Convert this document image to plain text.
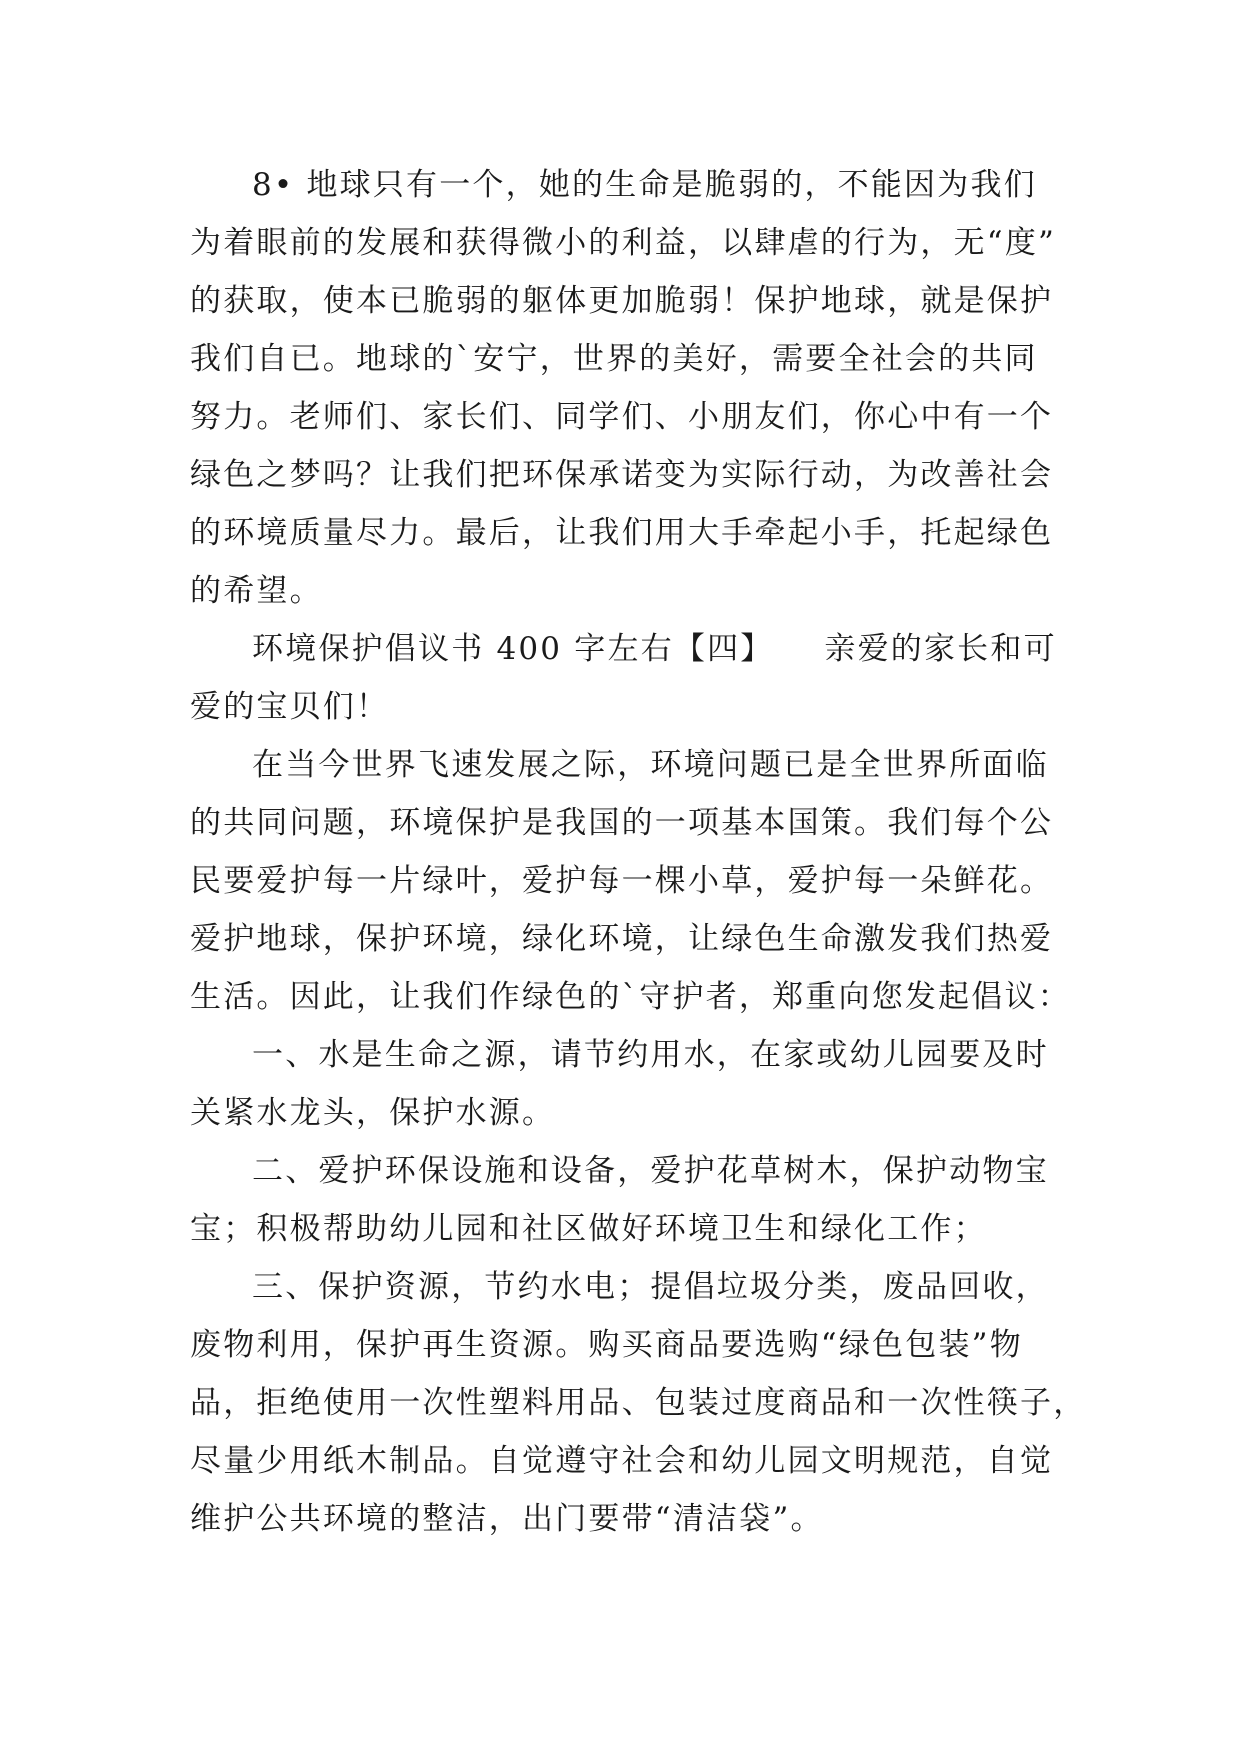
8• 地球只有一个，她的生命是脆弱的，不能因为我们
为着眼前的发展和获得微小的利益，以肆虐的行为，无“度”
的获取，使本已脆弱的躯体更加脆弱！保护地球，就是保护
我们自已。地球的`安宁，世界的美好，需要全社会的共同
努力。老师们、家长们、同学们、小朋友们，你心中有一个
绿色之梦吗？让我们把环保承诺变为实际行动，为改善社会
的环境质量尽力。最后，让我们用大手牵起小手，托起绿色
的希望。
环境保护倡议书 400 字左右【四】　　亲爱的家长和可
爱的宝贝们！
在当今世界飞速发展之际，环境问题已是全世界所面临
的共同问题，环境保护是我国的一项基本国策。我们每个公
民要爱护每一片绿叶，爱护每一棵小草，爱护每一朵鲜花。
爱护地球，保护环境，绿化环境，让绿色生命激发我们热爱
生活。因此，让我们作绿色的`守护者，郑重向您发起倡议：
一、水是生命之源，请节约用水，在家或幼儿园要及时
关紧水龙头，保护水源。
二、爱护环保设施和设备，爱护花草树木，保护动物宝
宝；积极帮助幼儿园和社区做好环境卫生和绿化工作；
三、保护资源，节约水电；提倡垃圾分类，废品回收，
废物利用，保护再生资源。购买商品要选购“绿色包装”物
品，拒绝使用一次性塑料用品、包装过度商品和一次性筷子，
尽量少用纸木制品。自觉遵守社会和幼儿园文明规范，自觉
维护公共环境的整洁，出门要带“清洁袋”。
